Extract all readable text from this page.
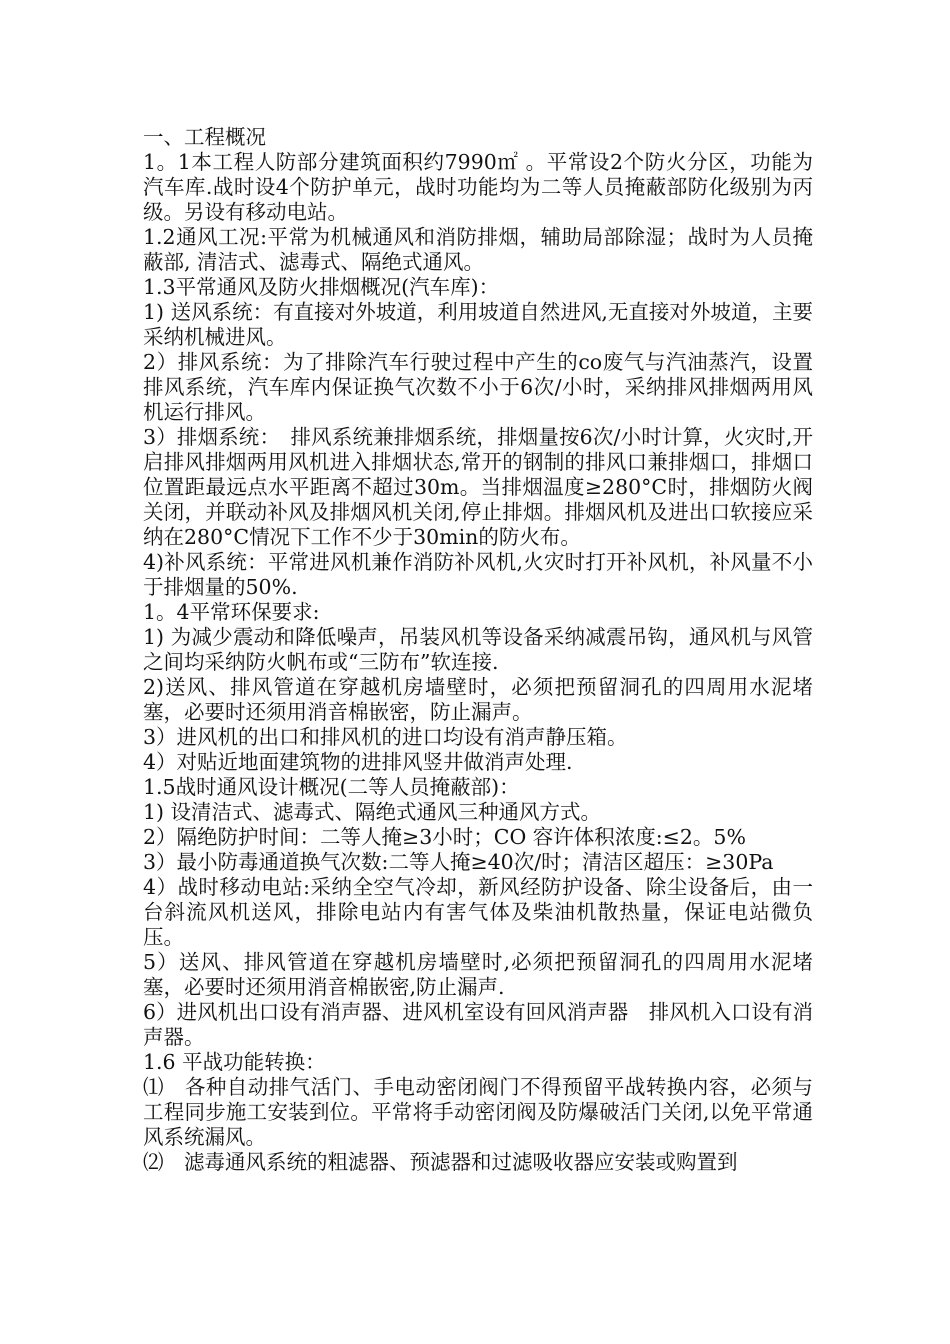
一、工程概况

1。1本工程人防部分建筑面积约7990㎡ 。平常设2个防火分区，功能为汽车库.战时设4个防护单元，战时功能均为二等人员掩蔽部防化级别为丙级。另设有移动电站。

1.2通风工况:平常为机械通风和消防排烟，辅助局部除湿；战时为人员掩蔽部, 清洁式、滤毒式、隔绝式通风。

1.3平常通风及防火排烟概况(汽车库)：

1) 送风系统：有直接对外坡道，利用坡道自然进风,无直接对外坡道，主要采纳机械进风。

2）排风系统：为了排除汽车行驶过程中产生的co废气与汽油蒸汽，设置排风系统，汽车库内保证换气次数不小于6次/小时，采纳排风排烟两用风机运行排风。

3）排烟系统：　排风系统兼排烟系统，排烟量按6次/小时计算，火灾时,开启排风排烟两用风机进入排烟状态,常开的钢制的排风口兼排烟口，排烟口位置距最远点水平距离不超过30m。当排烟温度≥280°C时，排烟防火阀关闭，并联动补风及排烟风机关闭,停止排烟。排烟风机及进出口软接应采纳在280°C情况下工作不少于30min的防火布。

4)补风系统：平常进风机兼作消防补风机,火灾时打开补风机，补风量不小于排烟量的50%.

1。4平常环保要求:

1) 为减少震动和降低噪声，吊装风机等设备采纳减震吊钩，通风机与风管之间均采纳防火帆布或“三防布”软连接.

2)送风、排风管道在穿越机房墙壁时，必须把预留洞孔的四周用水泥堵塞，必要时还须用消音棉嵌密，防止漏声。

3）进风机的出口和排风机的进口均设有消声静压箱。

4）对贴近地面建筑物的进排风竖井做消声处理.

1.5战时通风设计概况(二等人员掩蔽部)：

1) 设清洁式、滤毒式、隔绝式通风三种通风方式。

2）隔绝防护时间：二等人掩≥3小时；CO 容许体积浓度:≤2。5%

3）最小防毒通道换气次数:二等人掩≥40次/时；清洁区超压：≥30Pa

4）战时移动电站:采纳全空气冷却，新风经防护设备、除尘设备后，由一台斜流风机送风，排除电站内有害气体及柴油机散热量，保证电站微负压。

5）送风、排风管道在穿越机房墙壁时,必须把预留洞孔的四周用水泥堵塞，必要时还须用消音棉嵌密,防止漏声.

6）进风机出口设有消声器、进风机室设有回风消声器　排风机入口设有消声器。

1.6 平战功能转换：

⑴　各种自动排气活门、手电动密闭阀门不得预留平战转换内容，必须与工程同步施工安装到位。平常将手动密闭阀及防爆破活门关闭,以免平常通风系统漏风。

⑵　滤毒通风系统的粗滤器、预滤器和过滤吸收器应安装或购置到
